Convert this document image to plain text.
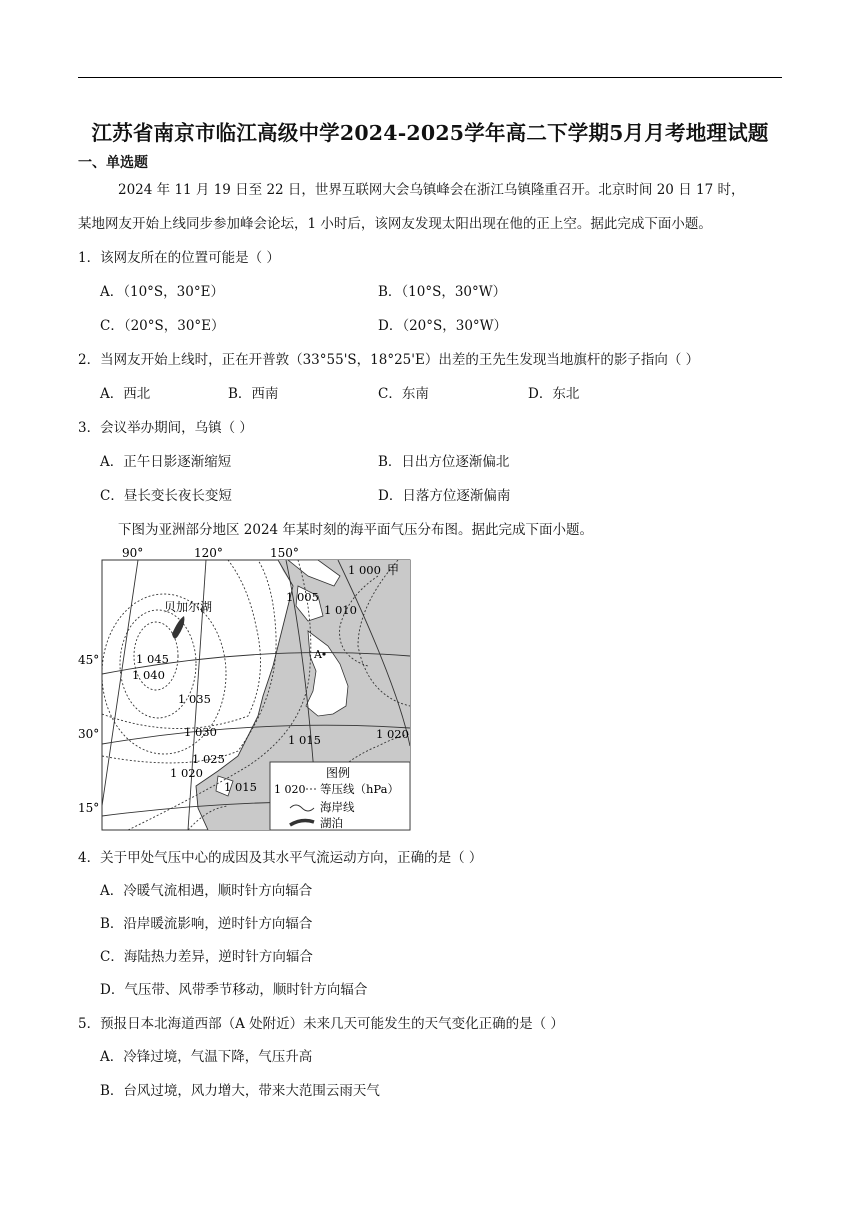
江苏省南京市临江高级中学2024-2025学年高二下学期5月月考地理试题
一、单选题
2024 年 11 月 19 日至 22 日，世界互联网大会乌镇峰会在浙江乌镇隆重召开。北京时间 20 日 17 时，
某地网友开始上线同步参加峰会论坛，1 小时后，该网友发现太阳出现在他的正上空。据此完成下面小题。
1．该网友所在的位置可能是（ ）
A．（10°S，30°E）	B．（10°S，30°W）
C．（20°S，30°E）	D．（20°S，30°W）
2．当网友开始上线时，正在开普敦（33°55'S，18°25'E）出差的王先生发现当地旗杆的影子指向（ ）
A．西北	B．西南	C．东南	D．东北
3．会议举办期间，乌镇（ ）
A．正午日影逐渐缩短	B．日出方位逐渐偏北
C．昼长变长夜长变短	D．日落方位逐渐偏南
下图为亚洲部分地区 2024 年某时刻的海平面气压分布图。据此完成下面小题。
90°	120°	150°
45°
30°
15°
1 000 甲
1 005
1 010
1 045
1 040
1 035
1 030
1 025
1 020
1 015
1 015	1 020
贝加尔湖
A
图例
1 020 等压线（hPa）
海岸线
湖泊
4．关于甲处气压中心的成因及其水平气流运动方向，正确的是（ ）
A．冷暖气流相遇，顺时针方向辐合
B．沿岸暖流影响，逆时针方向辐合
C．海陆热力差异，逆时针方向辐合
D．气压带、风带季节移动，顺时针方向辐合
5．预报日本北海道西部（A 处附近）未来几天可能发生的天气变化正确的是（ ）
A．冷锋过境，气温下降，气压升高
B．台风过境，风力增大，带来大范围云雨天气
